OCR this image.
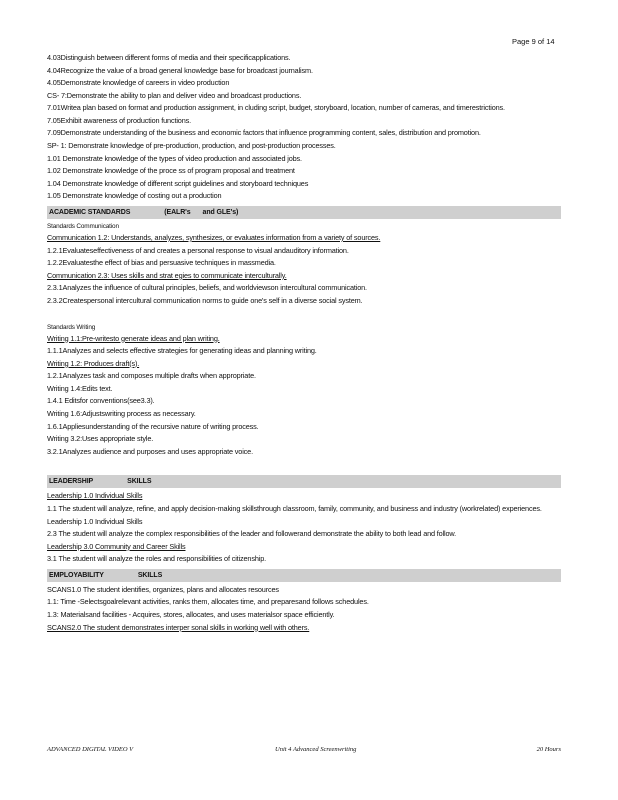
Page 9 of 14
4.03Distinguish between different forms of media and their specificapplications.
4.04Recognize the value of a broad general knowledge base for broadcast journalism.
4.05Demonstrate knowledge of careers in video production
CS- 7:Demonstrate the ability to plan and deliver video and broadcast productions.
7.01Writea plan based on format and production assignment, in cluding script, budget, storyboard, location, number of cameras, and timerestrictions.
7.05Exhibit awareness of production functions.
7.09Demonstrate understanding of the business and economic factors that influence programming content, sales, distribution and promotion.
SP- 1: Demonstrate knowledge of pre-production, production, and post-production processes.
1.01 Demonstrate knowledge of the types of video production and associated jobs.
1.02 Demonstrate knowledge of the proce ss of program proposal and treatment
1.04 Demonstrate knowledge of different script guidelines and storyboard techniques
1.05 Demonstrate knowledge of costing out a production
ACADEMIC STANDARDS	(EALR's and GLE's)
Standards Communication
Communication 1.2: Understands, analyzes, synthesizes, or evaluates information from a variety of sources.
1.2.1Evaluateseffectiveness of and creates a personal response to visual andauditory information.
1.2.2Evaluatesthe effect of bias and persuasive techniques in massmedia.
Communication 2.3: Uses skills and strat egies to communicate interculturally.
2.3.1Analyzes the influence of cultural principles, beliefs, and worldviewson intercultural communication.
2.3.2Createspersonal intercultural communication norms to guide one's self in a diverse social system.
Standards Writing
Writing 1.1:Pre-writesto generate ideas and plan writing.
1.1.1Analyzes and selects effective strategies for generating ideas and planning writing.
Writing 1.2: Produces draft(s).
1.2.1Analyzes task and composes multiple drafts when appropriate.
Writing 1.4:Edits text.
1.4.1 Editsfor conventions(see3.3).
Writing 1.6:Adjustswriting process as necessary.
1.6.1Appliesunderstanding of the recursive nature of writing process.
Writing 3.2:Uses appropriate style.
3.2.1Analyzes audience and purposes and uses appropriate voice.
LEADERSHIP	SKILLS
Leadership 1.0 Individual Skills
1.1 The student will analyze, refine, and apply decision-making skillsthrough classroom, family, community, and business and industry (workrelated) experiences.
Leadership 1.0 Individual Skills
2.3 The student will analyze the complex responsibilities of the leader and followerand demonstrate the ability to both lead and follow.
Leadership 3.0 Community and Career Skills
3.1 The student will analyze the roles and responsibilities of citizenship.
EMPLOYABILITY	SKILLS
SCANS1.0 The student identifies, organizes, plans and allocates resources
1.1: Time -Selectsgoalrelevant activities, ranks them, allocates time, and preparesand follows schedules.
1.3: Materialsand facilities - Acquires, stores, allocates, and uses materialsor space efficiently.
SCANS2.0 The student demonstrates interper sonal skills in working well with others.
ADVANCED DIGITAL VIDEO V	Unit 4 Advanced Screenwriting	20 Hours
